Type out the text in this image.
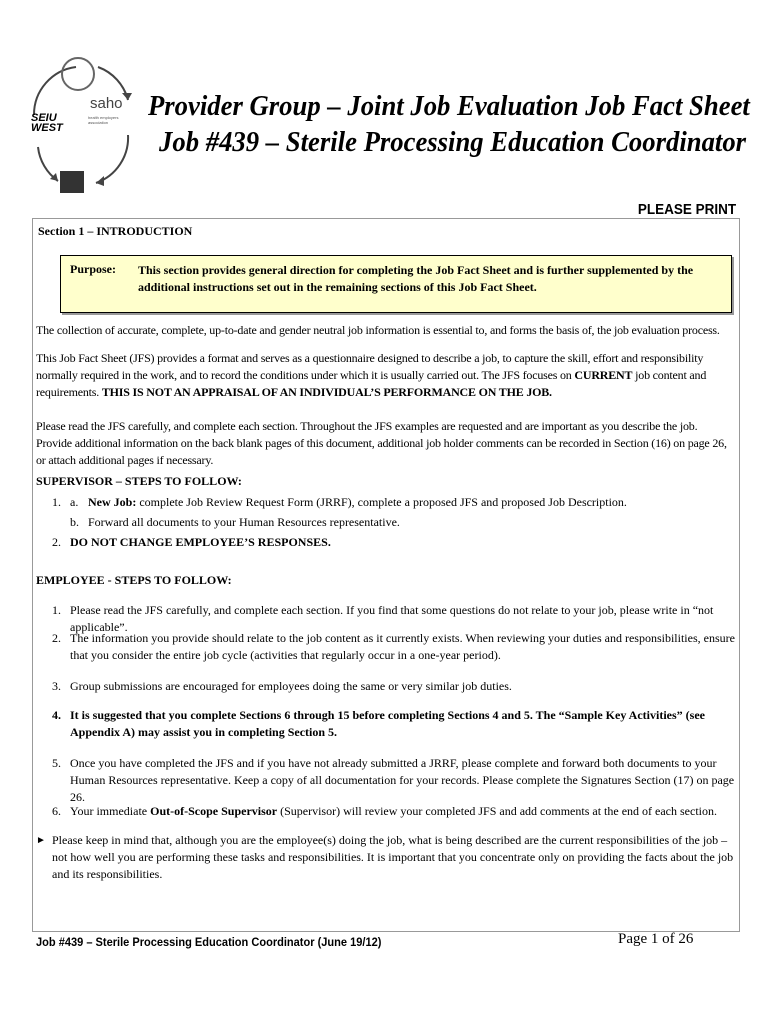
SEIU
WEST
saho
health employers association
Provider Group – Joint Job Evaluation Job Fact Sheet
Job #439 – Sterile Processing Education Coordinator
PLEASE PRINT
Section 1 – INTRODUCTION
Purpose: This section provides general direction for completing the Job Fact Sheet and is further supplemented by the additional instructions set out in the remaining sections of this Job Fact Sheet.
The collection of accurate, complete, up-to-date and gender neutral job information is essential to, and forms the basis of, the job evaluation process.
This Job Fact Sheet (JFS) provides a format and serves as a questionnaire designed to describe a job, to capture the skill, effort and responsibility normally required in the work, and to record the conditions under which it is usually carried out. The JFS focuses on CURRENT job content and requirements. THIS IS NOT AN APPRAISAL OF AN INDIVIDUAL’S PERFORMANCE ON THE JOB.
Please read the JFS carefully, and complete each section. Throughout the JFS examples are requested and are important as you describe the job. Provide additional information on the back blank pages of this document, additional job holder comments can be recorded in Section (16) on page 26, or attach additional pages if necessary.
SUPERVISOR – STEPS TO FOLLOW:
1. a. New Job: complete Job Review Request Form (JRRF), complete a proposed JFS and proposed Job Description.
b. Forward all documents to your Human Resources representative.
2. DO NOT CHANGE EMPLOYEE’S RESPONSES.
EMPLOYEE - STEPS TO FOLLOW:
1. Please read the JFS carefully, and complete each section. If you find that some questions do not relate to your job, please write in “not applicable”.
2. The information you provide should relate to the job content as it currently exists. When reviewing your duties and responsibilities, ensure that you consider the entire job cycle (activities that regularly occur in a one-year period).
3. Group submissions are encouraged for employees doing the same or very similar job duties.
4. It is suggested that you complete Sections 6 through 15 before completing Sections 4 and 5. The “Sample Key Activities” (see Appendix A) may assist you in completing Section 5.
5. Once you have completed the JFS and if you have not already submitted a JRRF, please complete and forward both documents to your Human Resources representative. Keep a copy of all documentation for your records. Please complete the Signatures Section (17) on page 26.
6. Your immediate Out-of-Scope Supervisor (Supervisor) will review your completed JFS and add comments at the end of each section.
► Please keep in mind that, although you are the employee(s) doing the job, what is being described are the current responsibilities of the job – not how well you are performing these tasks and responsibilities. It is important that you concentrate only on providing the facts about the job and its responsibilities.
Job #439 – Sterile Processing Education Coordinator (June 19/12)	Page 1 of 26
